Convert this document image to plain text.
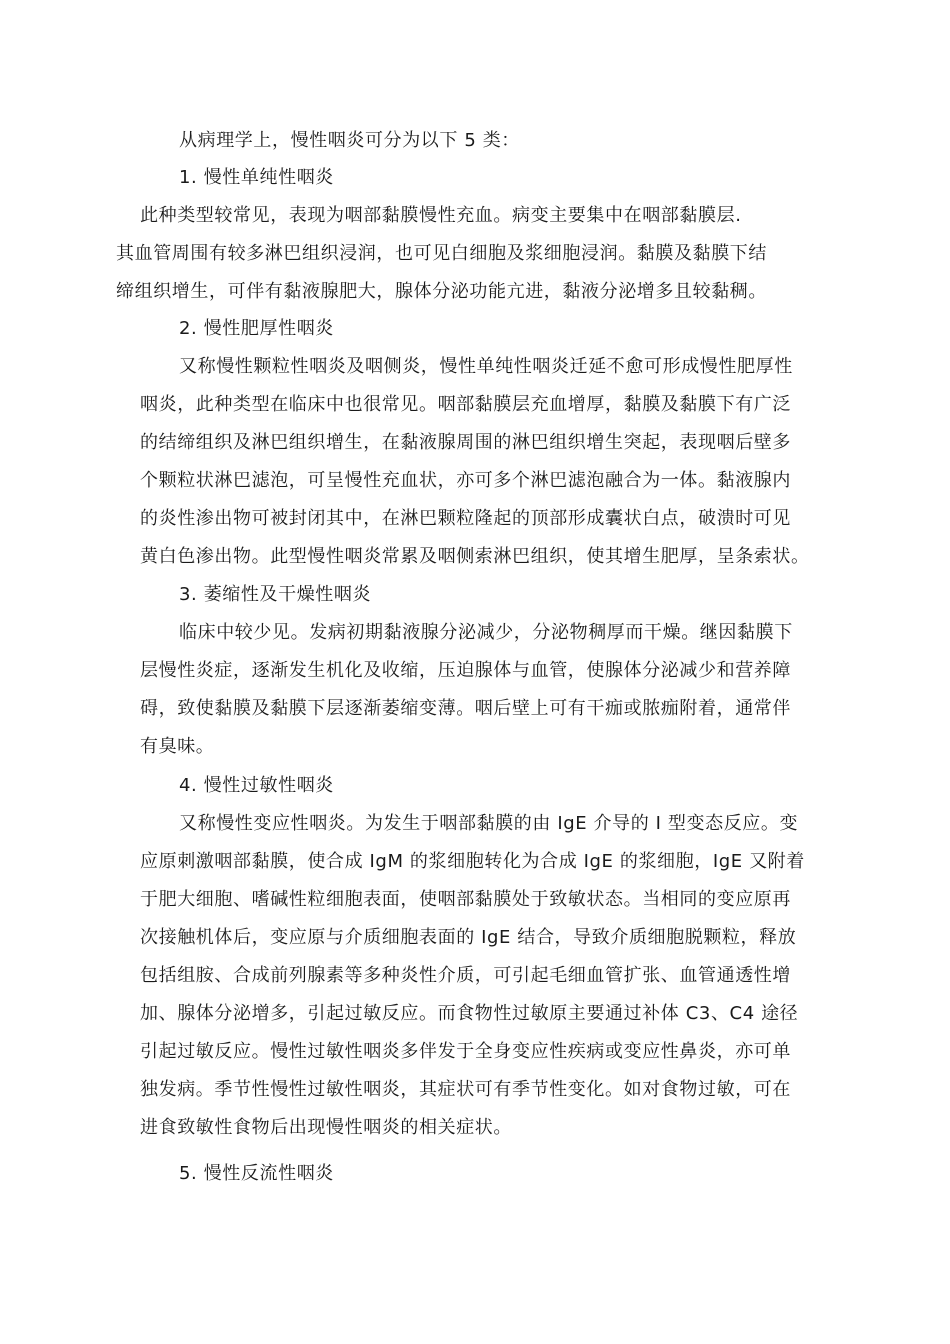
从病理学上，慢性咽炎可分为以下 5 类：
1. 慢性单纯性咽炎
此种类型较常见，表现为咽部黏膜慢性充血。病变主要集中在咽部黏膜层.
其血管周围有较多淋巴组织浸润，也可见白细胞及浆细胞浸润。黏膜及黏膜下结
缔组织增生，可伴有黏液腺肥大，腺体分泌功能亢进，黏液分泌增多且较黏稠。
2. 慢性肥厚性咽炎
又称慢性颗粒性咽炎及咽侧炎，慢性单纯性咽炎迁延不愈可形成慢性肥厚性
咽炎，此种类型在临床中也很常见。咽部黏膜层充血增厚，黏膜及黏膜下有广泛
的结缔组织及淋巴组织增生，在黏液腺周围的淋巴组织增生突起，表现咽后壁多
个颗粒状淋巴滤泡，可呈慢性充血状，亦可多个淋巴滤泡融合为一体。黏液腺内
的炎性渗出物可被封闭其中，在淋巴颗粒隆起的顶部形成囊状白点，破溃时可见
黄白色渗出物。此型慢性咽炎常累及咽侧索淋巴组织，使其增生肥厚，呈条索状。
3. 萎缩性及干燥性咽炎
临床中较少见。发病初期黏液腺分泌减少，分泌物稠厚而干燥。继因黏膜下
层慢性炎症，逐渐发生机化及收缩，压迫腺体与血管，使腺体分泌减少和营养障
碍，致使黏膜及黏膜下层逐渐萎缩变薄。咽后壁上可有干痂或脓痂附着，通常伴
有臭味。
4. 慢性过敏性咽炎
又称慢性变应性咽炎。为发生于咽部黏膜的由 IgE 介导的 I 型变态反应。变
应原刺激咽部黏膜，使合成 IgM 的浆细胞转化为合成 IgE 的浆细胞，IgE 又附着
于肥大细胞、嗜碱性粒细胞表面，使咽部黏膜处于致敏状态。当相同的变应原再
次接触机体后，变应原与介质细胞表面的 IgE 结合，导致介质细胞脱颗粒，释放
包括组胺、合成前列腺素等多种炎性介质，可引起毛细血管扩张、血管通透性增
加、腺体分泌增多，引起过敏反应。而食物性过敏原主要通过补体 C3、C4 途径
引起过敏反应。慢性过敏性咽炎多伴发于全身变应性疾病或变应性鼻炎，亦可单
独发病。季节性慢性过敏性咽炎，其症状可有季节性变化。如对食物过敏，可在
进食致敏性食物后出现慢性咽炎的相关症状。
5. 慢性反流性咽炎
